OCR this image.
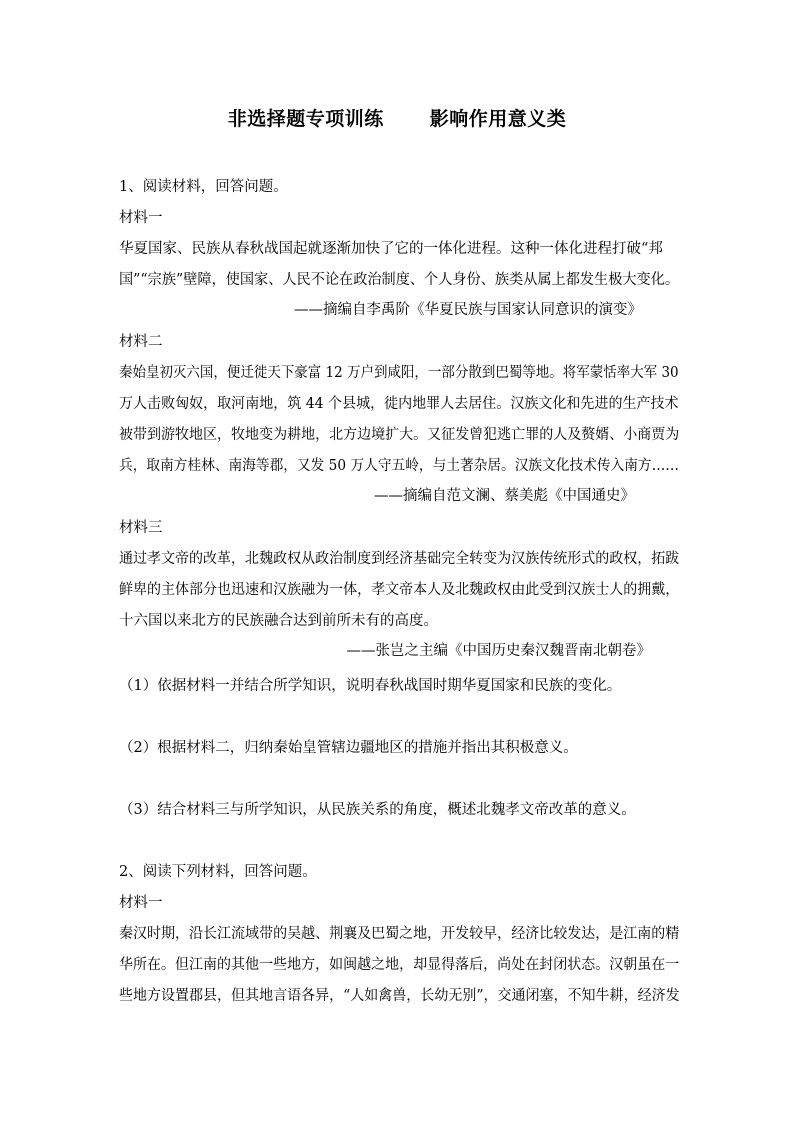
非选择题专项训练 影响作用意义类
1、阅读材料，回答问题。
材料一
华夏国家、民族从春秋战国起就逐渐加快了它的一体化进程。这种一体化进程打破“邦
国”“宗族”壁障，使国家、人民不论在政治制度、个人身份、族类从属上都发生极大变化。
——摘编自李禹阶《华夏民族与国家认同意识的演变》
材料二
秦始皇初灭六国，便迁徙天下豪富 12 万户到咸阳，一部分散到巴蜀等地。将军蒙恬率大军 30
万人击败匈奴，取河南地，筑 44 个县城，徙内地罪人去居住。汉族文化和先进的生产技术
被带到游牧地区，牧地变为耕地，北方边境扩大。又征发曾犯逃亡罪的人及赘婿、小商贾为
兵，取南方桂林、南海等郡，又发 50 万人守五岭，与土著杂居。汉族文化技术传入南方……
——摘编自范文澜、蔡美彪《中国通史》
材料三
通过孝文帝的改革，北魏政权从政治制度到经济基础完全转变为汉族传统形式的政权，拓跋
鲜卑的主体部分也迅速和汉族融为一体，孝文帝本人及北魏政权由此受到汉族士人的拥戴，
十六国以来北方的民族融合达到前所未有的高度。
——张岂之主编《中国历史秦汉魏晋南北朝卷》
（1）依据材料一并结合所学知识，说明春秋战国时期华夏国家和民族的变化。
（2）根据材料二，归纳秦始皇管辖边疆地区的措施并指出其积极意义。
（3）结合材料三与所学知识，从民族关系的角度，概述北魏孝文帝改革的意义。
2、阅读下列材料，回答问题。
材料一
秦汉时期，沿长江流域带的吴越、荆襄及巴蜀之地，开发较早，经济比较发达，是江南的精
华所在。但江南的其他一些地方，如闽越之地，却显得落后，尚处在封闭状态。汉朝虽在一
些地方设置郡县，但其地言语各异，“人如禽兽，长幼无别”，交通闭塞，不知牛耕，经济发
